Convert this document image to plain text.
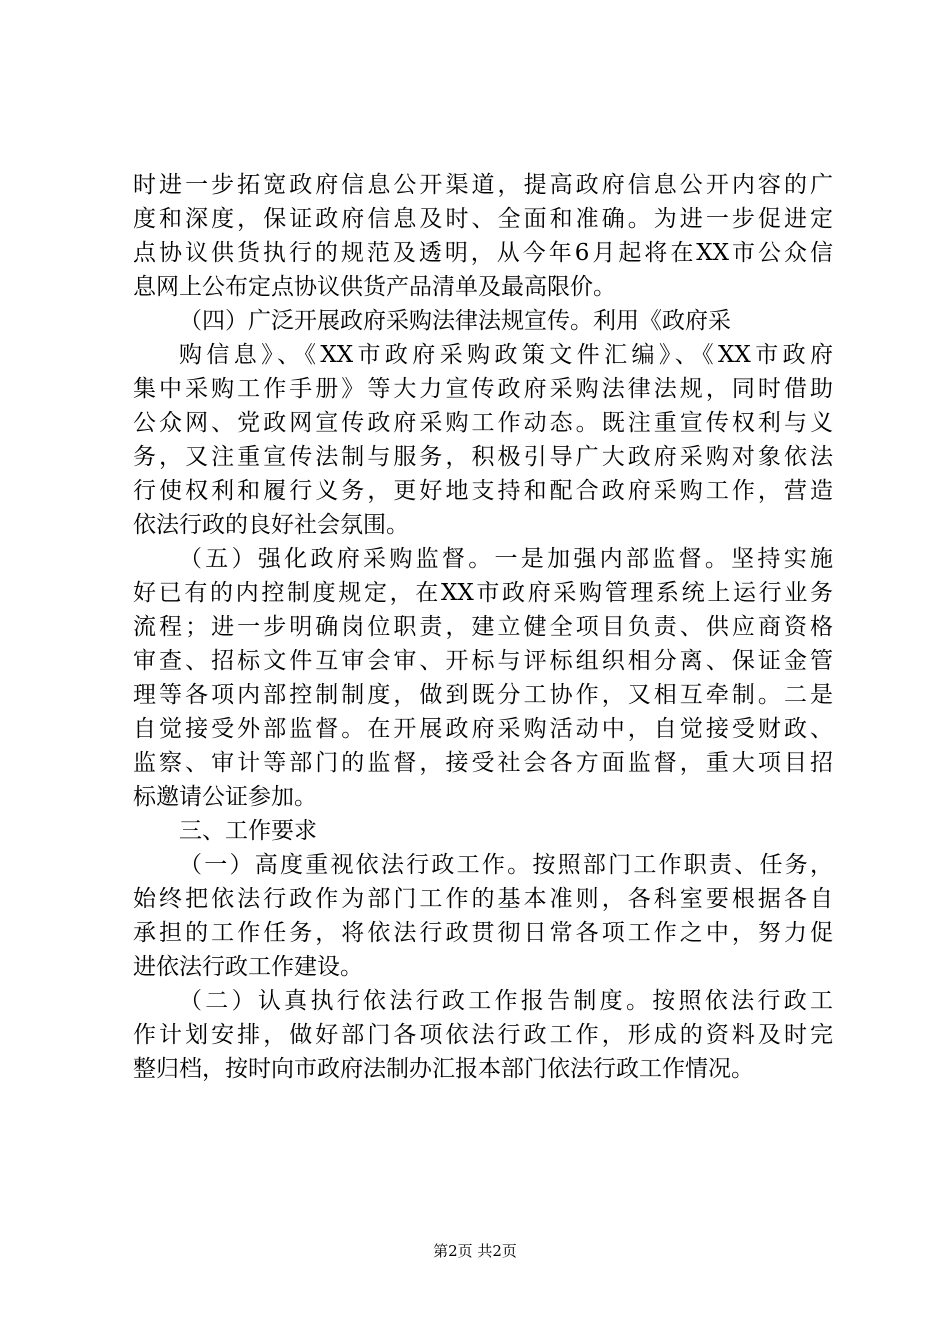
时进一步拓宽政府信息公开渠道，提高政府信息公开内容的广
度和深度，保证政府信息及时、全面和准确。为进一步促进定
点协议供货执行的规范及透明，从今年6月起将在XX市公众信
息网上公布定点协议供货产品清单及最高限价。
（四）广泛开展政府采购法律法规宣传。利用《政府采
购信息》、《XX市政府采购政策文件汇编》、《XX市政府
集中采购工作手册》等大力宣传政府采购法律法规，同时借助
公众网、党政网宣传政府采购工作动态。既注重宣传权利与义
务，又注重宣传法制与服务，积极引导广大政府采购对象依法
行使权利和履行义务，更好地支持和配合政府采购工作，营造
依法行政的良好社会氛围。
（五）强化政府采购监督。一是加强内部监督。坚持实施
好已有的内控制度规定，在XX市政府采购管理系统上运行业务
流程；进一步明确岗位职责，建立健全项目负责、供应商资格
审查、招标文件互审会审、开标与评标组织相分离、保证金管
理等各项内部控制制度，做到既分工协作，又相互牵制。二是
自觉接受外部监督。在开展政府采购活动中，自觉接受财政、
监察、审计等部门的监督，接受社会各方面监督，重大项目招
标邀请公证参加。
三、工作要求
（一）高度重视依法行政工作。按照部门工作职责、任务，
始终把依法行政作为部门工作的基本准则，各科室要根据各自
承担的工作任务，将依法行政贯彻日常各项工作之中，努力促
进依法行政工作建设。
（二）认真执行依法行政工作报告制度。按照依法行政工
作计划安排，做好部门各项依法行政工作，形成的资料及时完
整归档，按时向市政府法制办汇报本部门依法行政工作情况。
第2页 共2页
